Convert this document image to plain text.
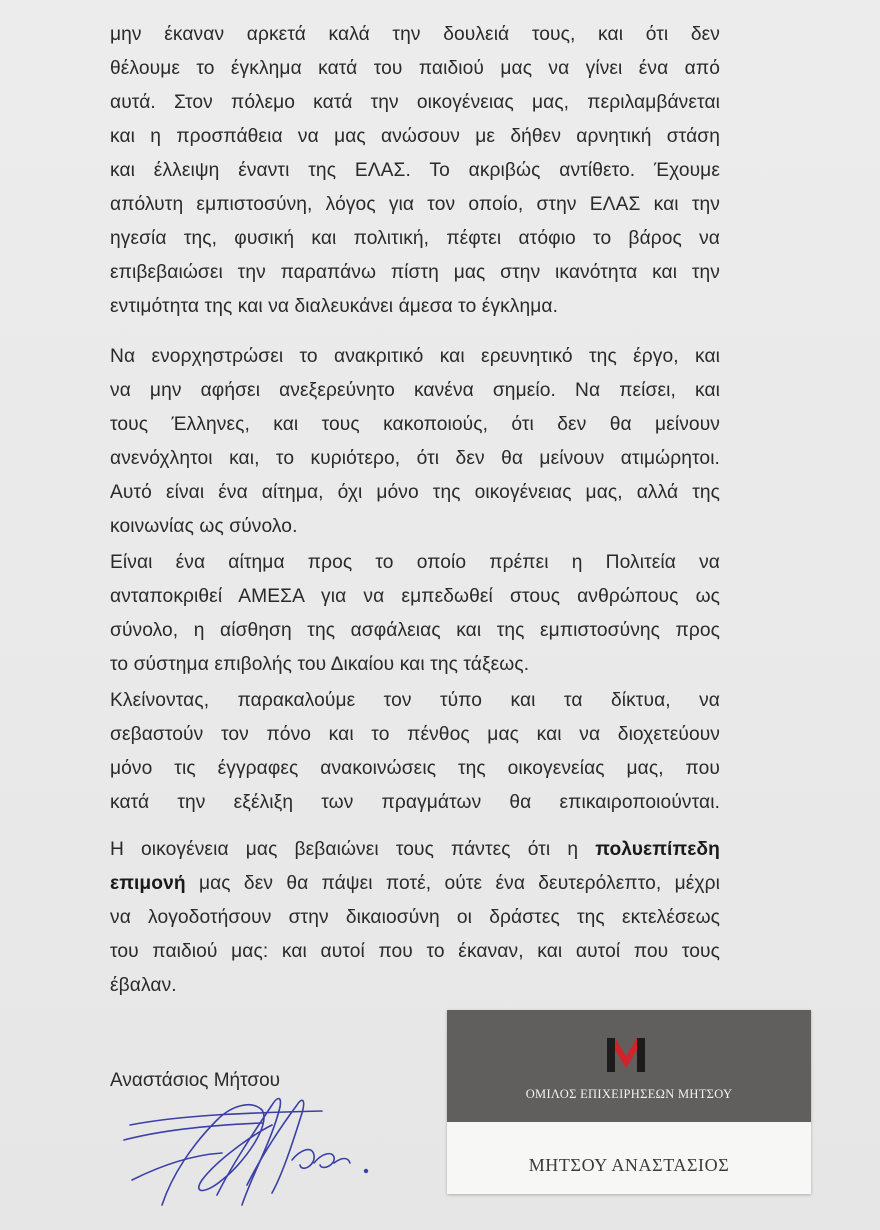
μην έκαναν αρκετά καλά την δουλειά τους, και ότι δεν
θέλουμε το έγκλημα κατά του παιδιού μας να γίνει ένα από
αυτά. Στον πόλεμο κατά την οικογένειας μας, περιλαμβάνεται
και η προσπάθεια να μας ανώσουν με δήθεν αρνητική στάση
και έλλειψη έναντι της ΕΛΑΣ. Το ακριβώς αντίθετο. Έχουμε
απόλυτη εμπιστοσύνη, λόγος για τον οποίο, στην ΕΛΑΣ και την
ηγεσία της, φυσική και πολιτική, πέφτει ατόφιο το βάρος να
επιβεβαιώσει την παραπάνω πίστη μας στην ικανότητα και την
εντιμότητα της και να διαλευκάνει άμεσα το έγκλημα.
Να ενορχηστρώσει το ανακριτικό και ερευνητικό της έργο, και
να μην αφήσει ανεξερεύνητο κανένα σημείο. Να πείσει, και
τους Έλληνες, και τους κακοποιούς, ότι δεν θα μείνουν
ανενόχλητοι και, το κυριότερο, ότι δεν θα μείνουν ατιμώρητοι.
Αυτό είναι ένα αίτημα, όχι μόνο της οικογένειας μας, αλλά της
κοινωνίας ως σύνολο.
Είναι ένα αίτημα προς το οποίο πρέπει η Πολιτεία να
ανταποκριθεί ΑΜΕΣΑ για να εμπεδωθεί στους ανθρώπους ως
σύνολο, η αίσθηση της ασφάλειας και της εμπιστοσύνης προς
το σύστημα επιβολής του Δικαίου και της τάξεως.
Κλείνοντας, παρακαλούμε τον τύπο και τα δίκτυα, να
σεβαστούν τον πόνο και το πένθος μας και να διοχετεύουν
μόνο τις έγγραφες ανακοινώσεις της οικογενείας μας, που
κατά την εξέλιξη των πραγμάτων θα επικαιροποιούνται.
Η οικογένεια μας βεβαιώνει τους πάντες ότι η πολυεπίπεδη
επιμονή μας δεν θα πάψει ποτέ, ούτε ένα δευτερόλεπτο, μέχρι
να λογοδοτήσουν στην δικαιοσύνη οι δράστες της εκτελέσεως
του παιδιού μας: και αυτοί που το έκαναν, και αυτοί που τους
έβαλαν.
Αναστάσιος Μήτσου
ΟΜΙΛΟΣ ΕΠΙΧΕΙΡΗΣΕΩΝ ΜΗΤΣΟΥ
ΜΗΤΣΟΥ ΑΝΑΣΤΑΣΙΟΣ
